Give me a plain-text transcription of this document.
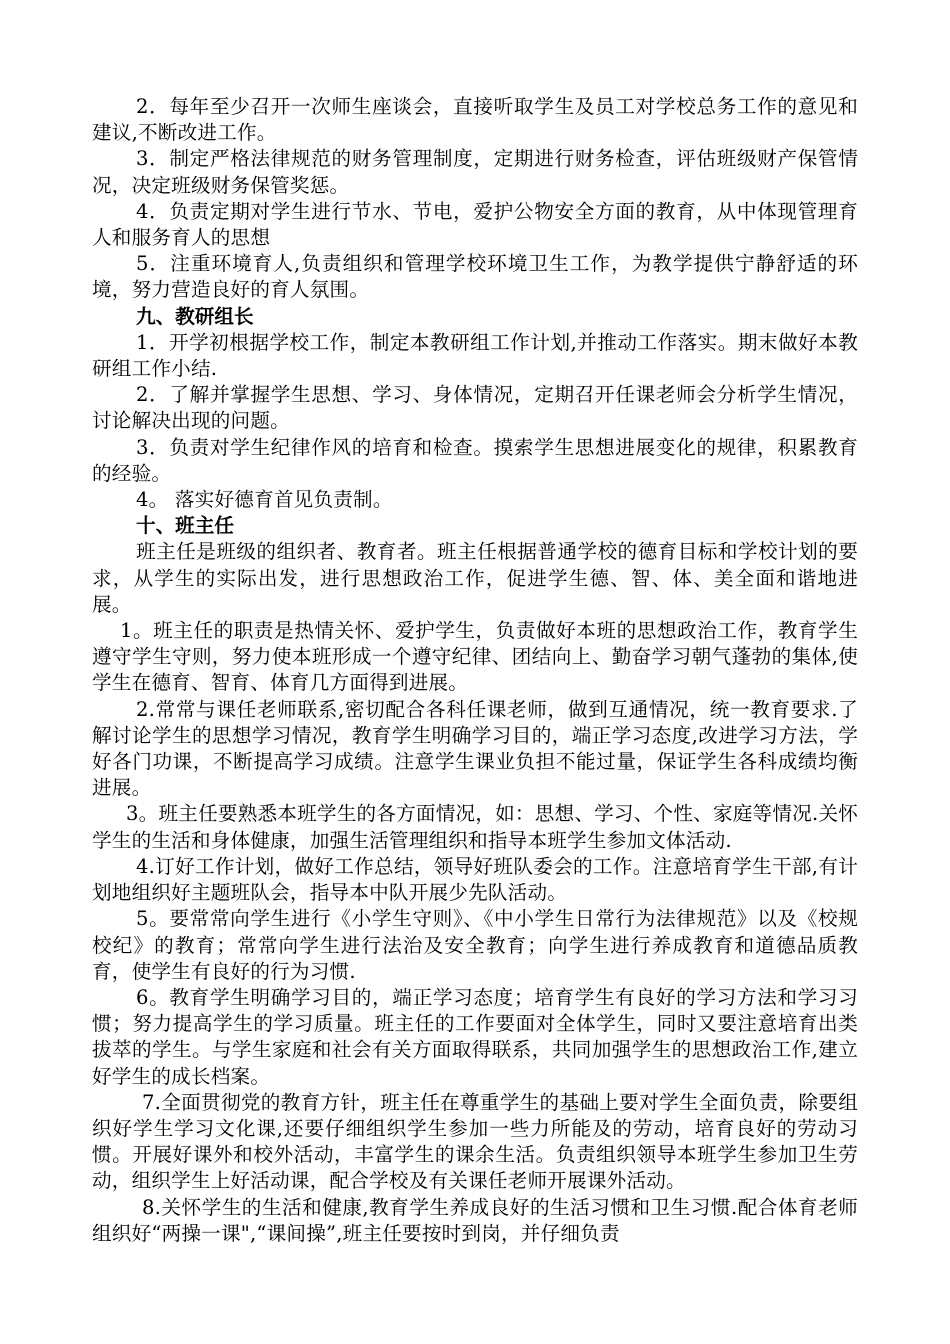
2．每年至少召开一次师生座谈会，直接听取学生及员工对学校总务工作的意见和建议,不断改进工作。

3．制定严格法律规范的财务管理制度，定期进行财务检查，评估班级财产保管情况，决定班级财务保管奖惩。

4．负责定期对学生进行节水、节电，爱护公物安全方面的教育，从中体现管理育人和服务育人的思想

5．注重环境育人,负责组织和管理学校环境卫生工作，为教学提供宁静舒适的环境，努力营造良好的育人氛围。

九、教研组长

1．开学初根据学校工作，制定本教研组工作计划,并推动工作落实。期末做好本教研组工作小结.

2．了解并掌握学生思想、学习、身体情况，定期召开任课老师会分析学生情况，讨论解决出现的问题。

3．负责对学生纪律作风的培育和检查。摸索学生思想进展变化的规律，积累教育的经验。

4。 落实好德育首见负责制。

十、班主任

班主任是班级的组织者、教育者。班主任根据普通学校的德育目标和学校计划的要求，从学生的实际出发，进行思想政治工作，促进学生德、智、体、美全面和谐地进展。

1。班主任的职责是热情关怀、爱护学生，负责做好本班的思想政治工作，教育学生遵守学生守则，努力使本班形成一个遵守纪律、团结向上、勤奋学习朝气蓬勃的集体,使学生在德育、智育、体育几方面得到进展。

2.常常与课任老师联系,密切配合各科任课老师，做到互通情况，统一教育要求.了解讨论学生的思想学习情况，教育学生明确学习目的，端正学习态度,改进学习方法，学好各门功课，不断提高学习成绩。注意学生课业负担不能过量，保证学生各科成绩均衡进展。

3。班主任要熟悉本班学生的各方面情况，如：思想、学习、个性、家庭等情况.关怀学生的生活和身体健康，加强生活管理组织和指导本班学生参加文体活动.

4.订好工作计划，做好工作总结，领导好班队委会的工作。注意培育学生干部,有计划地组织好主题班队会，指导本中队开展少先队活动。

5。要常常向学生进行《小学生守则》、《中小学生日常行为法律规范》以及《校规校纪》的教育；常常向学生进行法治及安全教育；向学生进行养成教育和道德品质教育，使学生有良好的行为习惯.

6。教育学生明确学习目的，端正学习态度；培育学生有良好的学习方法和学习习惯；努力提高学生的学习质量。班主任的工作要面对全体学生，同时又要注意培育出类拔萃的学生。与学生家庭和社会有关方面取得联系，共同加强学生的思想政治工作,建立好学生的成长档案。

7.全面贯彻党的教育方针，班主任在尊重学生的基础上要对学生全面负责，除要组织好学生学习文化课,还要仔细组织学生参加一些力所能及的劳动，培育良好的劳动习惯。开展好课外和校外活动，丰富学生的课余生活。负责组织领导本班学生参加卫生劳动，组织学生上好活动课，配合学校及有关课任老师开展课外活动。

8.关怀学生的生活和健康,教育学生养成良好的生活习惯和卫生习惯.配合体育老师组织好“两操一课",“课间操”,班主任要按时到岗，并仔细负责
